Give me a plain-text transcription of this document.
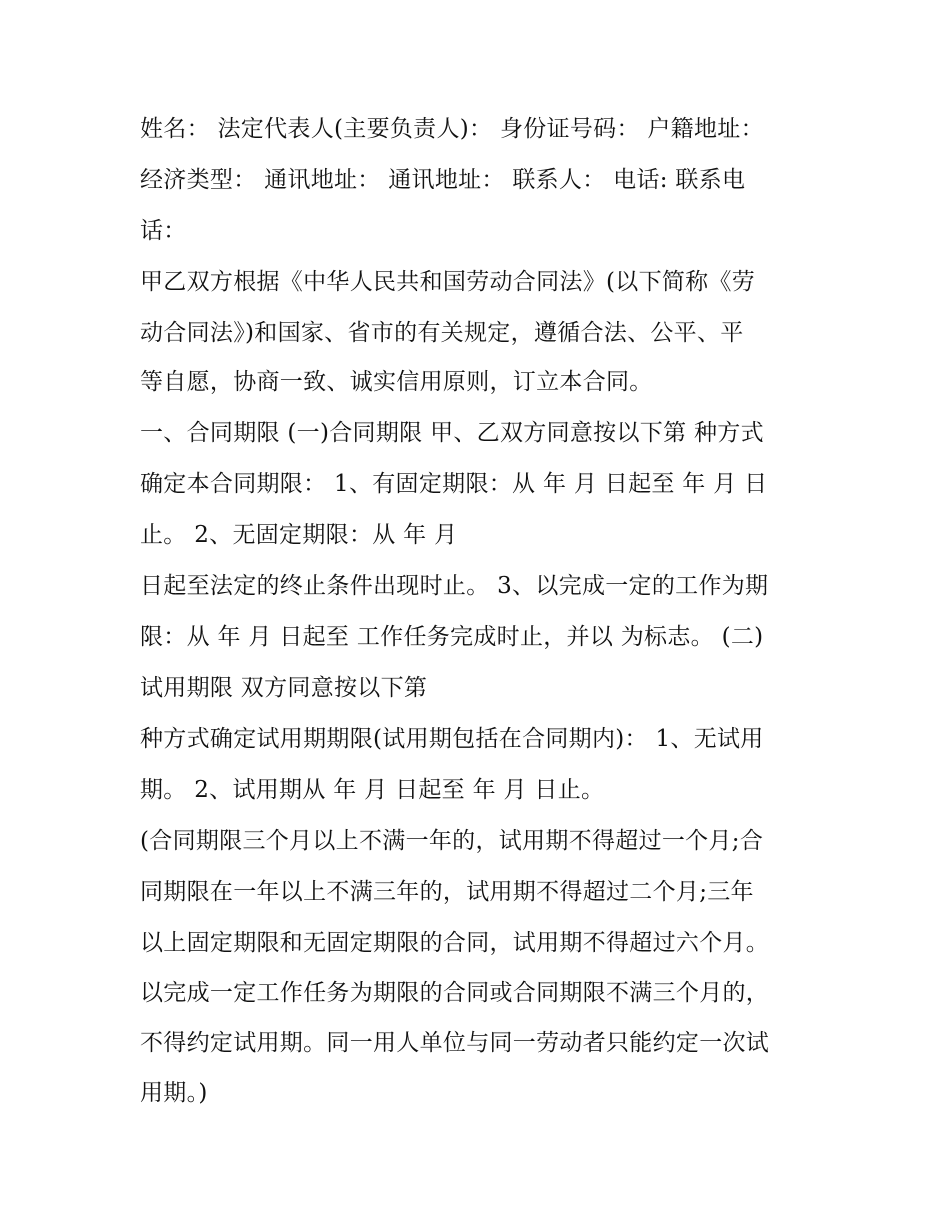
姓名： 法定代表人(主要负责人)： 身份证号码： 户籍地址：
经济类型： 通讯地址： 通讯地址： 联系人： 电话: 联系电
话：
甲乙双方根据《中华人民共和国劳动合同法》(以下简称《劳
动合同法》)和国家、省市的有关规定，遵循合法、公平、平
等自愿，协商一致、诚实信用原则，订立本合同。
一、合同期限 (一)合同期限 甲、乙双方同意按以下第 种方式
确定本合同期限： 1、有固定期限：从 年 月 日起至 年 月 日
止。 2、无固定期限：从 年 月
日起至法定的终止条件出现时止。 3、以完成一定的工作为期
限：从 年 月 日起至 工作任务完成时止，并以 为标志。 (二)
试用期限 双方同意按以下第
种方式确定试用期期限(试用期包括在合同期内)： 1、无试用
期。 2、试用期从 年 月 日起至 年 月 日止。
(合同期限三个月以上不满一年的，试用期不得超过一个月;合
同期限在一年以上不满三年的，试用期不得超过二个月;三年
以上固定期限和无固定期限的合同，试用期不得超过六个月。
以完成一定工作任务为期限的合同或合同期限不满三个月的，
不得约定试用期。同一用人单位与同一劳动者只能约定一次试
用期。)
